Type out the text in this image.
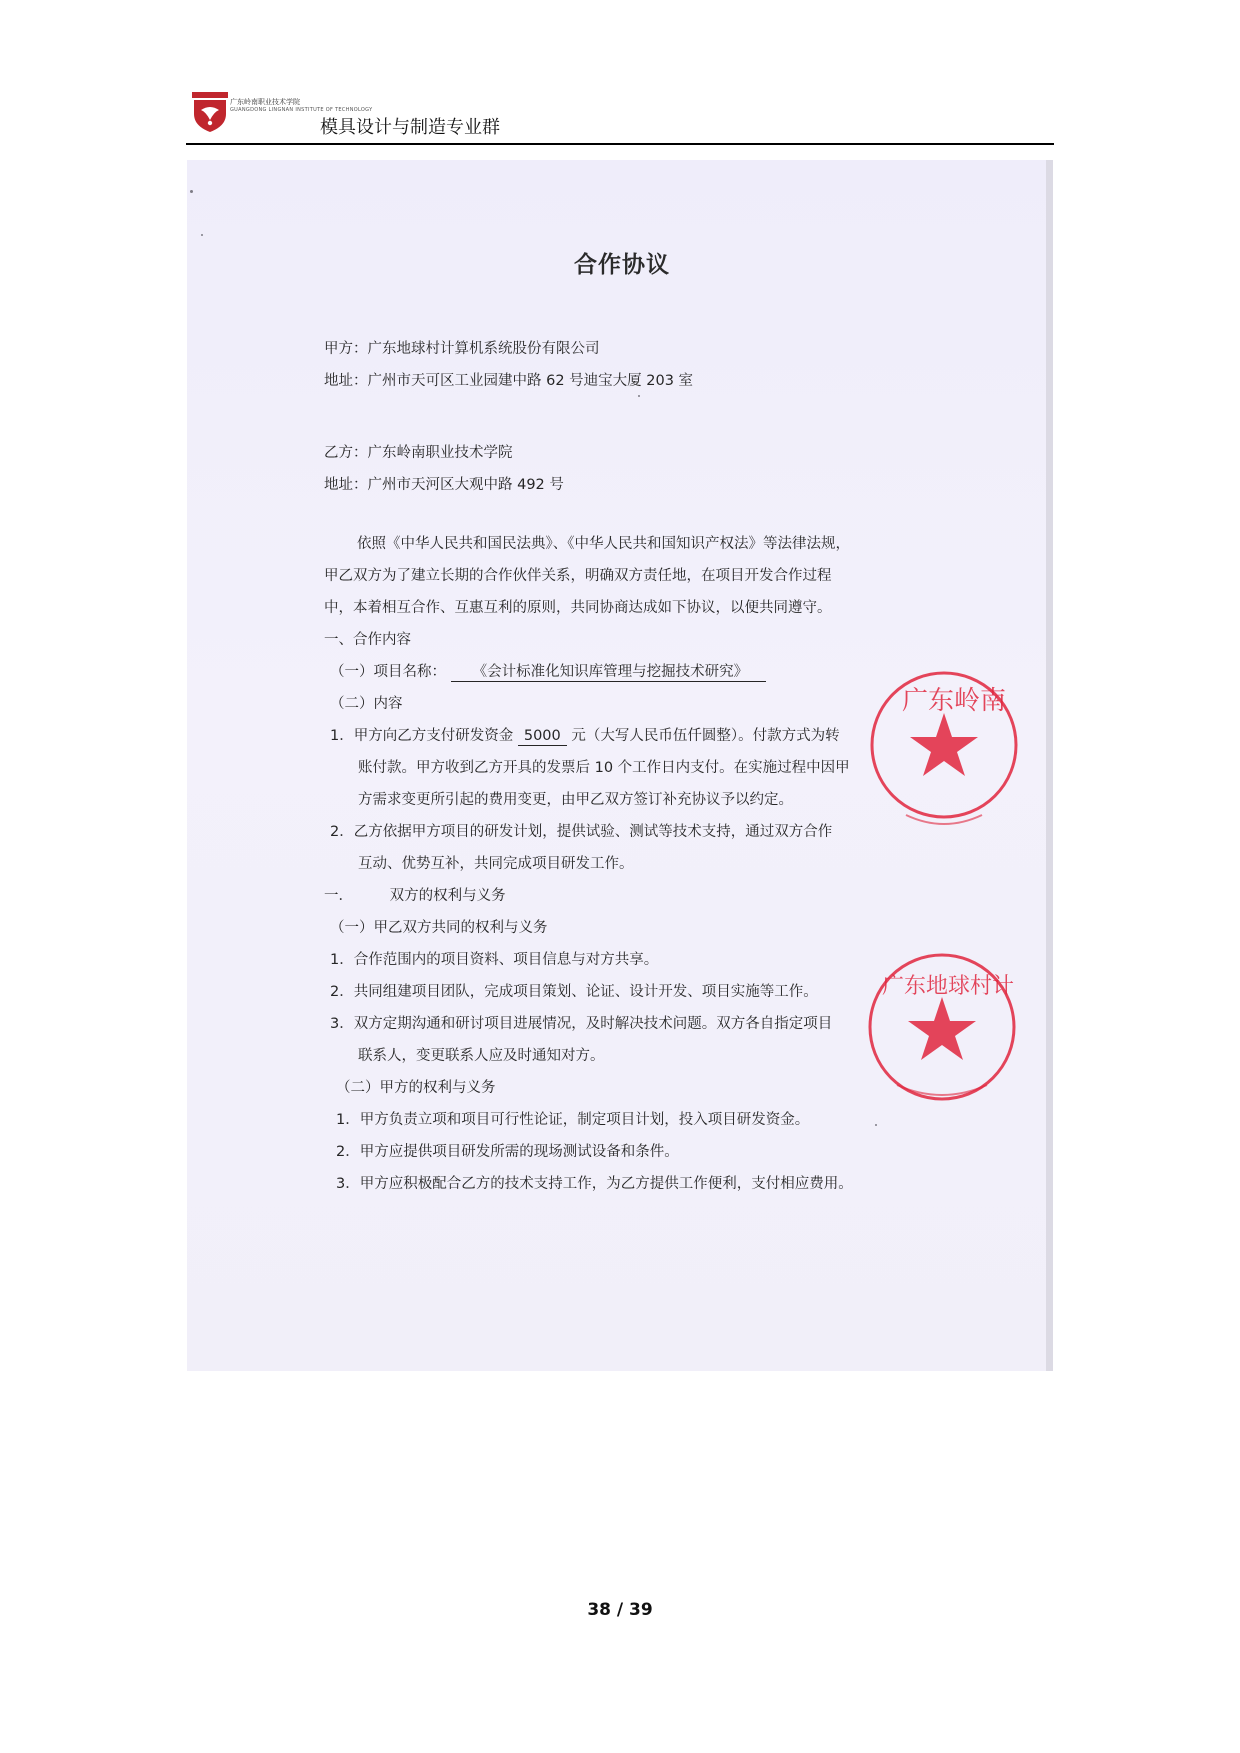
广东岭南职业技术学院
GUANGDONG LINGNAN INSTITUTE OF TECHNOLOGY
模具设计与制造专业群
合作协议
甲方：广东地球村计算机系统股份有限公司
地址：广州市天可区工业园建中路 62 号迪宝大厦 203 室
乙方：广东岭南职业技术学院
地址：广州市天河区大观中路 492 号
依照《中华人民共和国民法典》、《中华人民共和国知识产权法》等法律法规，
甲乙双方为了建立长期的合作伙伴关系，明确双方责任地，在项目开发合作过程
中，本着相互合作、互惠互利的原则，共同协商达成如下协议，以便共同遵守。
一、合作内容
（一）项目名称： 《会计标准化知识库管理与挖掘技术研究》
（二）内容
1．甲方向乙方支付研发资金 5000 元（大写人民币伍仟圆整）。付款方式为转
账付款。甲方收到乙方开具的发票后 10 个工作日内支付。在实施过程中因甲
方需求变更所引起的费用变更，由甲乙双方签订补充协议予以约定。
2．乙方依据甲方项目的研发计划，提供试验、测试等技术支持，通过双方合作
互动、优势互补，共同完成项目研发工作。
一．	双方的权利与义务
（一）甲乙双方共同的权利与义务
1．合作范围内的项目资料、项目信息与对方共享。
2．共同组建项目团队，完成项目策划、论证、设计开发、项目实施等工作。
3．双方定期沟通和研讨项目进展情况，及时解决技术问题。双方各自指定项目
联系人，变更联系人应及时通知对方。
（二）甲方的权利与义务
1．甲方负责立项和项目可行性论证，制定项目计划，投入项目研发资金。
2．甲方应提供项目研发所需的现场测试设备和条件。
3．甲方应积极配合乙方的技术支持工作，为乙方提供工作便利，支付相应费用。
广东岭南
广东地球村计
38 / 39
